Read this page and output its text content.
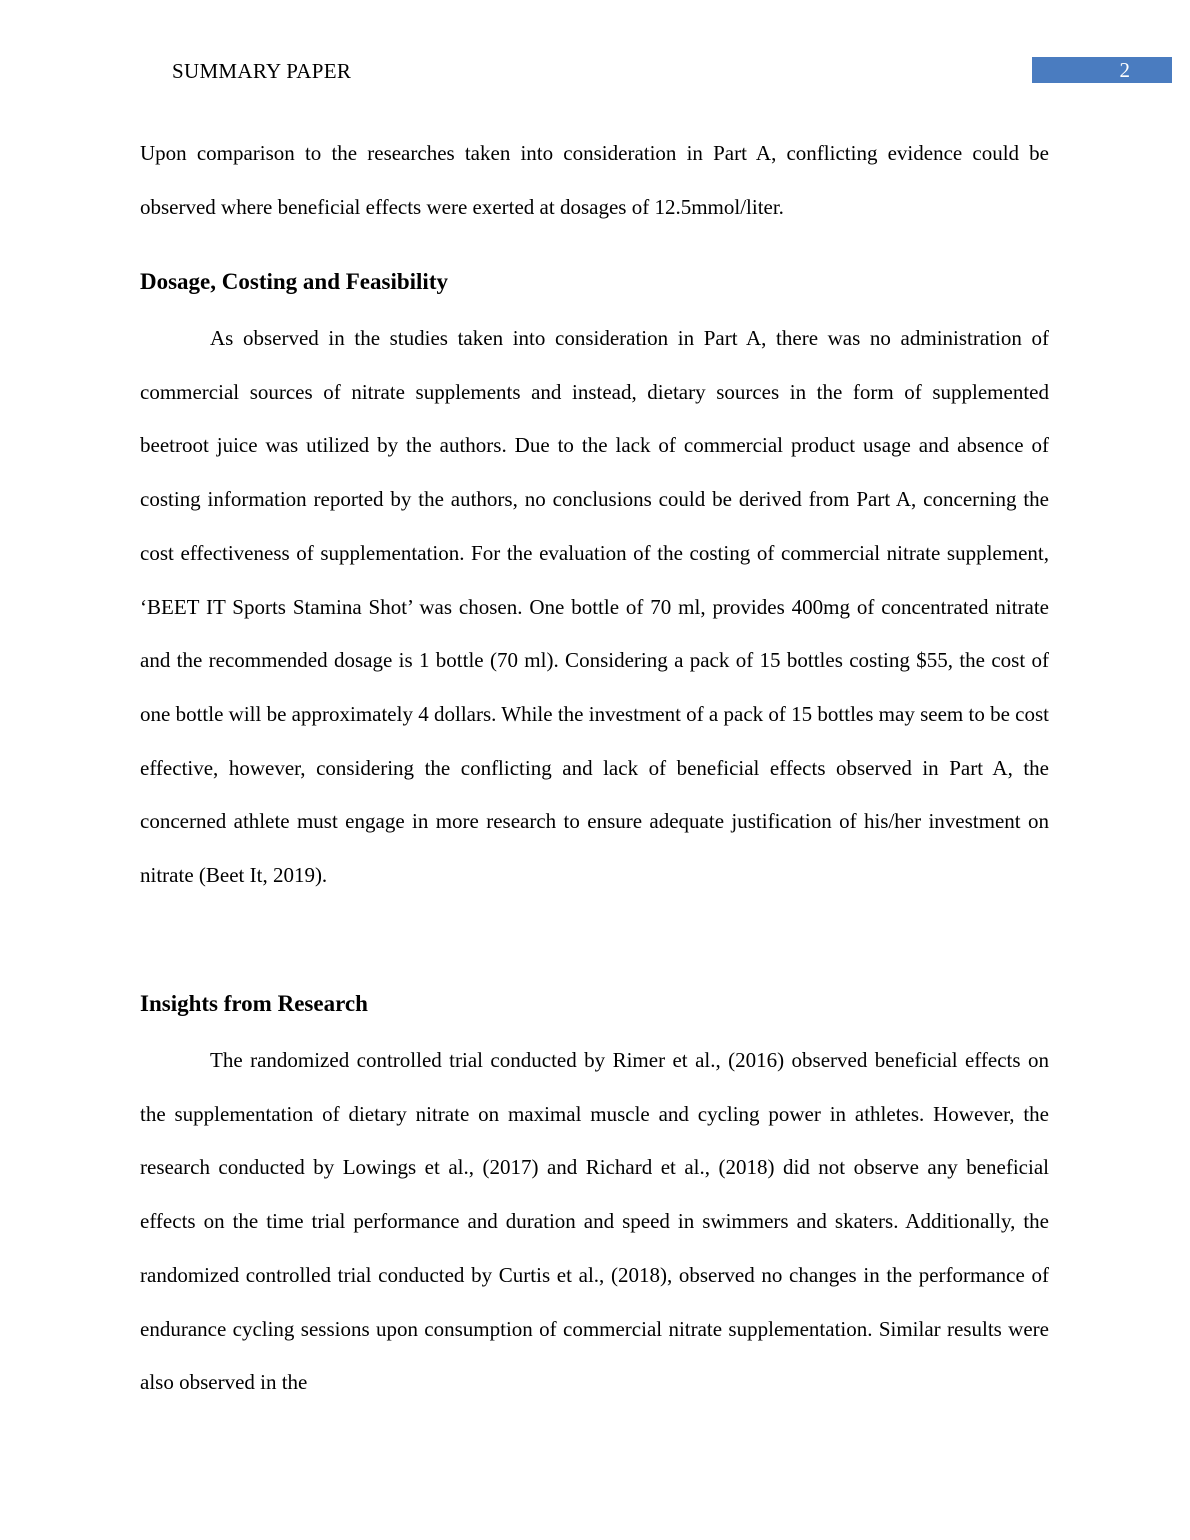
SUMMARY PAPER	2

Upon comparison to the researches taken into consideration in Part A, conflicting evidence could be observed where beneficial effects were exerted at dosages of 12.5mmol/liter.

Dosage, Costing and Feasibility

As observed in the studies taken into consideration in Part A, there was no administration of commercial sources of nitrate supplements and instead, dietary sources in the form of supplemented beetroot juice was utilized by the authors. Due to the lack of commercial product usage and absence of costing information reported by the authors, no conclusions could be derived from Part A, concerning the cost effectiveness of supplementation. For the evaluation of the costing of commercial nitrate supplement, ‘BEET IT Sports Stamina Shot’ was chosen. One bottle of 70 ml, provides 400mg of concentrated nitrate and the recommended dosage is 1 bottle (70 ml). Considering a pack of 15 bottles costing $55, the cost of one bottle will be approximately 4 dollars. While the investment of a pack of 15 bottles may seem to be cost effective, however, considering the conflicting and lack of beneficial effects observed in Part A, the concerned athlete must engage in more research to ensure adequate justification of his/her investment on nitrate (Beet It, 2019).

Insights from Research

The randomized controlled trial conducted by Rimer et al., (2016) observed beneficial effects on the supplementation of dietary nitrate on maximal muscle and cycling power in athletes. However, the research conducted by Lowings et al., (2017) and Richard et al., (2018) did not observe any beneficial effects on the time trial performance and duration and speed in swimmers and skaters. Additionally, the randomized controlled trial conducted by Curtis et al., (2018), observed no changes in the performance of endurance cycling sessions upon consumption of commercial nitrate supplementation. Similar results were also observed in the
